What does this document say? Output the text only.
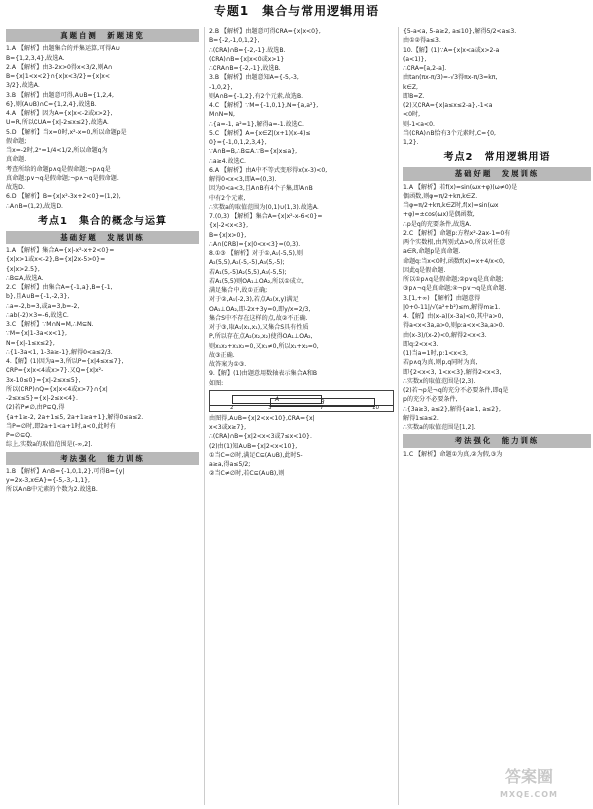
专题1　集合与常用逻辑用语
真题自测　新题速览
1.A 【解析】由题集合的并集运算,可得A∪
B={1,2,3,4},故选A.
2.A 【解析】由3-2x>0得x<3/2,则A∩
B={x|1<x<2}∩{x|x<3/2}={x|x<
3/2},故选A.
3.B 【解析】由题意可得,A∪B={1,2,4,
6},则(A∪B)∩C={1,2,4},故选B.
4.A 【解析】因为A={x|x<-2或x>2},
U=R,所以∁UA={x|-2≤x≤2},故选A.
5.D 【解析】当x=0时,x²-x=0,所以命题p是
假命题;
当x=-2时,2ˣ=1/4<1/2,所以命题q为
真命题.
考查所给的命题p∧q是假命题;¬p∧q是
真命题;p∨¬q是假命题;¬p∧¬q是假命题.
故选D.
6.D 【解析】B={x|x²-3x+2<0}=(1,2),
∴A∩B=(1,2),故选D.
考点1　集合的概念与运算
基础好题　发展训练
1.A 【解析】集合A={x|-x²-x+2<0}=
{x|x>1或x<-2},B={x|2x-5>0}=
{x|x>2.5},
∴B⊆A,故选A.
2.C 【解析】由集合A={-1,a},B={-1,
b},且A∪B={-1,-2,3},
∴a=-2,b=3,或a=3,b=-2,
∴ab(-2)×3=-6,故选C.
3.C 【解析】∵M∩N=M,∴M⊆N.
∵M={x|1-3a<x<1},
N={x|-1≤x≤2},
∴{1-3a<1, 1-3a≥-1},解得0<a≤2/3.
4.【解】(1)因为a=3,所以P={x|4≤x≤7},
∁RP={x|x<4或x>7}.又Q={x|x²-
3x-10≤0}={x|-2≤x≤5},
所以(∁RP)∩Q={x|x<4或x>7}∩{x|
-2≤x≤5}={x|-2≤x<4}.
(2)若P≠∅,由P⊆Q,得
{a+1≥-2, 2a+1≤5, 2a+1≥a+1},解得0≤a≤2.
当P=∅时,即2a+1<a+1时,a<0,此时有
P=∅⊆Q.
综上,实数a的取值范围是(-∞,2].
考法强化　能力训练
1.B 【解析】A∩B={-1,0,1,2},可得B={y|
y=2x-3,x∈A}={-5,-3,-1,1},
所以A∩B中元素的个数为2.故选B.
2.B 【解析】由题意可得∁RA={x|x<0},
B={-2,-1,0,1,2},
∴(∁RA)∩B={-2,-1}.故选B.
(∁RA)∩B={x|x<0或x>1}
∴∁RA∩B={-2,-1},故选B.
3.B 【解析】由题意知A={-5,-3,
-1,0,2},
则A∩B={-1,2},有2个元素,故选B.
4.C 【解析】∵M={-1,0,1},N={a,a²},
M∩N=N,
∴{a=-1, a²=1},解得a=-1.故选C.
5.C 【解析】A={x∈Z|(x+1)(x-4)≤
0}={-1,0,1,2,3,4},
∵A∩B=B,∴B⊆A.∵B={x|x≤a},
∴a≥4.故选C.
6.A 【解析】由A中不等式变形得x(x-3)<0,
解得0<x<3,即A=(0,3).
因为0<a<3,且A∩B有4个子集,即A∩B
中有2个元素,
∴实数a的取值范围为(0,1)∪(1,3).故选A.
7.(0,3) 【解析】集合A={x|x²-x-6<0}=
{x|-2<x<3},
B={x|x>0},
∴A∩(∁RB)={x|0<x<3}=(0,3).
8.①③ 【解析】对于①,A₁(-5,5),则
A₂(5,5),A₂(-5,-5),A₃(5,-5);
若A₁(5,-5)A₂(5,5),A₃(-5,5);
若A₁(5,5)则OA₁⊥OA₂,所以①成立,
满足集合中,故①正确;
对于②,A₁(-2,3),若点A₂(x,y)满足
OA₁⊥OA₂,即-2x+3y=0,即y/x=2/3,
集合S中不存在这样的点,故②不正确.
对于③,取A₁(x₁,x₁),又集合S具有性质
P,所以存在点A₂(x₂,x₂)使得OA₁⊥OA₂,
则x₁x₂+x₁x₂=0,又x₁≠0,所以x₁+x₂=0,
故③正确.
故答案为①③.
9.【解】(1)由题意用数轴表示集合A和B
如图:
A	B
2	3	7	10
由图得,A∪B={x|2<x<10},∁RA={x|
x<3或x≥7},
∴(∁RA)∩B={x|2<x<3或7≤x<10}.
(2)由(1)知A∪B={x|2<x<10},
①当C=∅时,满足C⊆(A∪B),此时5-
a≥a,得a≤5/2;
②当C≠∅时,若C⊆(A∪B),则
{5-a<a, 5-a≥2, a≤10},解得5/2<a≤3.
由①②得a≤3.
10.【解】(1)∵A={x|x<a或x>2-a
(a<1)},
∴∁RA=[a,2-a].
由tan(πx-π/3)=-√3得πx-π/3=kπ,
k∈Z,
即B=Z.
(2)又∁RA={x|a≤x≤2-a},-1<a
<0时,
则-1<a<0.
当(∁RA)∩B恰有3个元素时,C={0,
1,2}.
考点2　常用逻辑用语
基础好题　发展训练
1.A 【解析】若f(x)=sin(ωx+φ)(ω≠0)是
偶函数,则φ=π/2+kπ,k∈Z.
当φ=π/2+kπ,k∈Z时,f(x)=sin(ωx
+φ)=±cos(ωx)是偶函数,
∴p是q的充要条件,故选A.
2.C 【解析】命题p:方程x²-2ax-1=0有
两个实数根,由判别式Δ>0,所以对任意
a∈R,命题p是真命题.
命题q:当x<0时,函数f(x)=x+4/x<0,
因此q是假命题.
所以①p∧q是假命题;②p∨q是真命题;
③p∧¬q是真命题;④¬p∨¬q是真命题.
3.[1,+∞) 【解析】由题意得
|0+0-11|/√(a²+b²)≤m,解得m≥1.
4.【解】由(x-a)(x-3a)<0,其中a>0,
得a<x<3a,a>0,则p:a<x<3a,a>0.
由(x-3)/(x-2)<0,解得2<x<3.
即q:2<x<3.
(1)当a=1时,p:1<x<3,
若p∧q为真,则p,q同时为真,
即{2<x<3, 1<x<3},解得2<x<3,
∴实数x的取值范围是(2,3).
(2)若¬p是¬q的充分不必要条件,即q是
p的充分不必要条件,
∴{3a≥3, a≤2},解得{a≥1, a≤2},
解得1≤a≤2.
∴实数a的取值范围是[1,2].
考法强化　能力训练
1.C 【解析】命题①为真,②为假,③为
答案圈
MXQE.COM
